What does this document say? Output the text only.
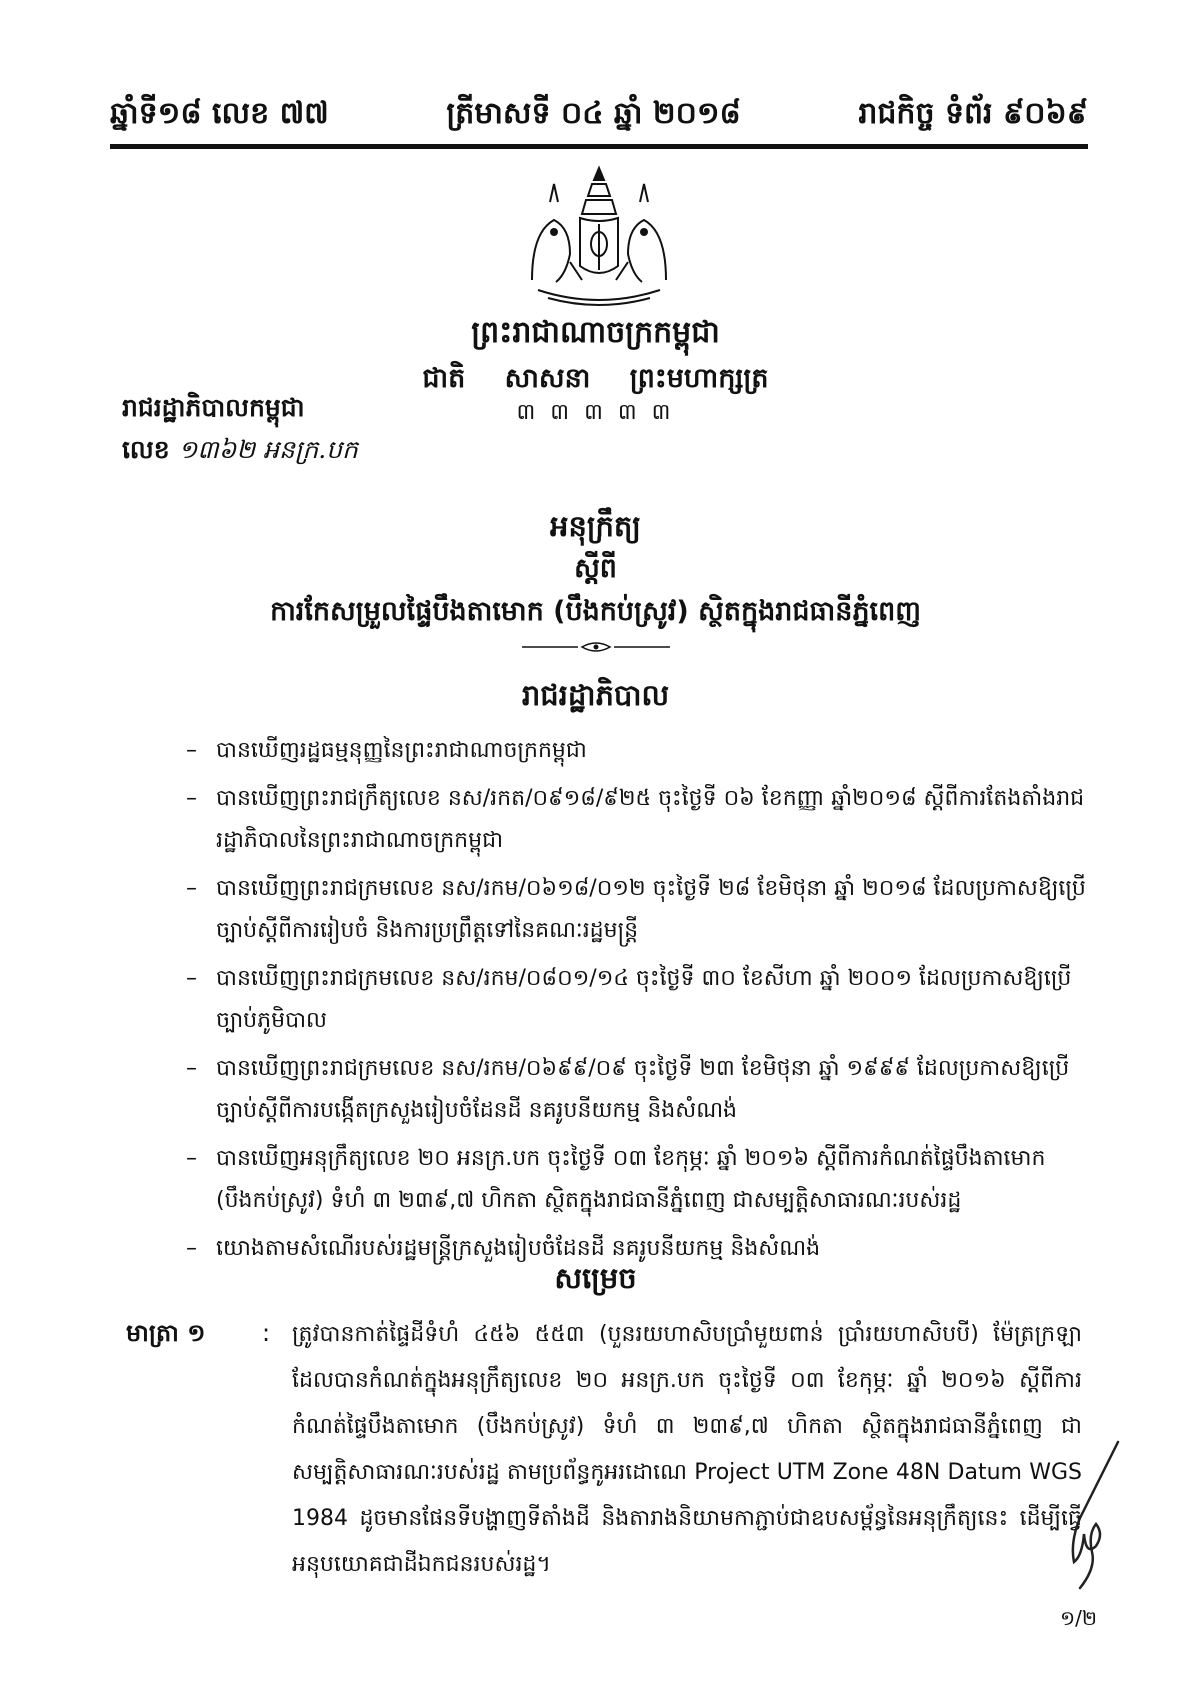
ឆ្នាំទី១៨ លេខ ៧៧	ត្រីមាសទី ០៤ ឆ្នាំ ២០១៨	រាជកិច្ច ទំព័រ ៩០៦៩
ព្រះរាជាណាចក្រកម្ពុជា
ជាតិ សាសនា ព្រះមហាក្សត្រ
៣ ៣ ៣ ៣ ៣
រាជរដ្ឋាភិបាលកម្ពុជា
លេខ ១៣៦២ អនក្រ.បក
អនុក្រឹត្យ
ស្តីពី
ការកែសម្រួលផ្ទៃបឹងតាមោក (បឹងកប់ស្រូវ) ស្ថិតក្នុងរាជធានីភ្នំពេញ
រាជរដ្ឋាភិបាល
– បានឃើញរដ្ឋធម្មនុញ្ញនៃព្រះរាជាណាចក្រកម្ពុជា
– បានឃើញព្រះរាជក្រឹត្យលេខ នស/រកត/០៩១៨/៩២៥ ចុះថ្ងៃទី ០៦ ខែកញ្ញា ឆ្នាំ២០១៨ ស្តីពីការតែងតាំងរាជរដ្ឋាភិបាលនៃព្រះរាជាណាចក្រកម្ពុជា
– បានឃើញព្រះរាជក្រមលេខ នស/រកម/០៦១៨/០១២ ចុះថ្ងៃទី ២៨ ខែមិថុនា ឆ្នាំ ២០១៨ ដែលប្រកាសឱ្យប្រើច្បាប់ស្តីពីការរៀបចំ និងការប្រព្រឹត្តទៅនៃគណៈរដ្ឋមន្ត្រី
– បានឃើញព្រះរាជក្រមលេខ នស/រកម/០៨០១/១៤ ចុះថ្ងៃទី ៣០ ខែសីហា ឆ្នាំ ២០០១ ដែលប្រកាសឱ្យប្រើច្បាប់ភូមិបាល
– បានឃើញព្រះរាជក្រមលេខ នស/រកម/០៦៩៩/០៩ ចុះថ្ងៃទី ២៣ ខែមិថុនា ឆ្នាំ ១៩៩៩ ដែលប្រកាសឱ្យប្រើច្បាប់ស្តីពីការបង្កើតក្រសួងរៀបចំដែនដី នគរូបនីយកម្ម និងសំណង់
– បានឃើញអនុក្រឹត្យលេខ ២០ អនក្រ.បក ចុះថ្ងៃទី ០៣ ខែកុម្ភៈ ឆ្នាំ ២០១៦ ស្តីពីការកំណត់ផ្ទៃបឹងតាមោក (បឹងកប់ស្រូវ) ទំហំ ៣ ២៣៩,៧ ហិកតា ស្ថិតក្នុងរាជធានីភ្នំពេញ ជាសម្បត្តិសាធារណៈរបស់រដ្ឋ
– យោងតាមសំណើរបស់រដ្ឋមន្ត្រីក្រសួងរៀបចំដែនដី នគរូបនីយកម្ម និងសំណង់
សម្រេច
មាត្រា ១ : ត្រូវបានកាត់ផ្ទៃដីទំហំ ៤៥៦ ៥៥៣ (បួនរយហាសិបប្រាំមួយពាន់ ប្រាំរយហាសិបបី) ម៉ែត្រក្រឡា ដែលបានកំណត់ក្នុងអនុក្រឹត្យលេខ ២០ អនក្រ.បក ចុះថ្ងៃទី ០៣ ខែកុម្ភៈ ឆ្នាំ ២០១៦ ស្តីពីការកំណត់ផ្ទៃបឹងតាមោក (បឹងកប់ស្រូវ) ទំហំ ៣ ២៣៩,៧ ហិកតា ស្ថិតក្នុងរាជធានីភ្នំពេញ ជាសម្បត្តិសាធារណៈរបស់រដ្ឋ តាមប្រព័ន្ធកូអរដោណេ Project UTM Zone 48N Datum WGS 1984 ដូចមានផែនទីបង្ហាញទីតាំងដី និងតារាងនិយាមកាភ្ជាប់ជាឧបសម្ព័ន្ធនៃអនុក្រឹត្យនេះ ដើម្បីធ្វើអនុបយោគជាដីឯកជនរបស់រដ្ឋ។
១/២
